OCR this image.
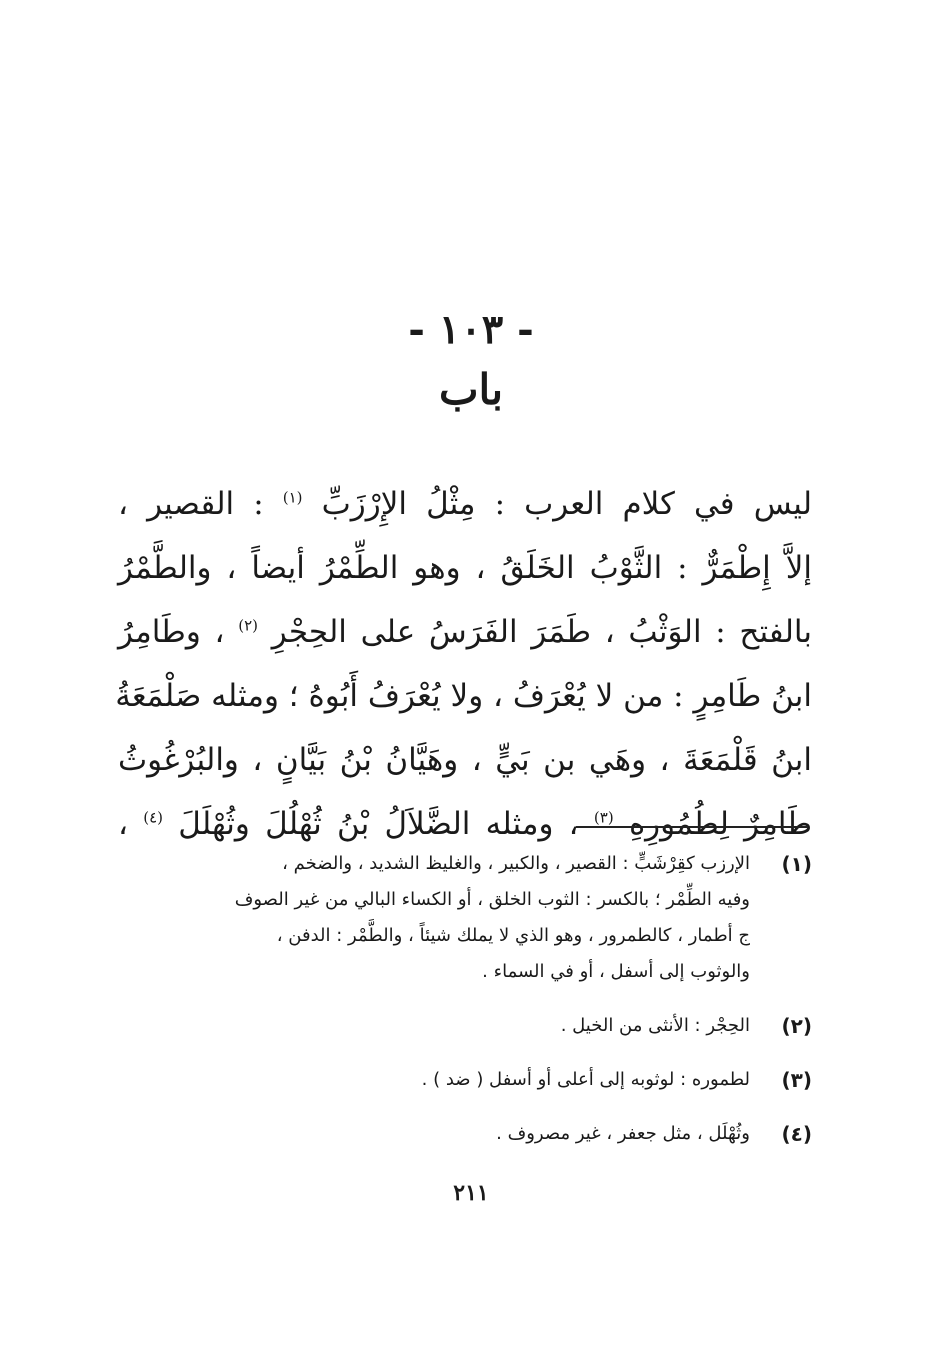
- ١٠٣ -
باب
ليس في كلام العرب : مِثْلُ الإِرْزَبِّ $^{(١)}$ : القصير ،
إلاَّ إِطْمَرٌّ : الثَّوْبُ الخَلَقُ ، وهو الطِّمْرُ أيضاً ، والطَّمْرُ
بالفتح : الوَثْبُ ، طَمَرَ الفَرَسُ على الحِجْرِ $^{(٢)}$ ، وطَامِرُ
ابنُ طَامِرٍ : من لا يُعْرَفُ ، ولا يُعْرَفُ أَبُوهُ ؛ ومثله صَلْمَعَةُ
ابنُ قَلْمَعَةَ ، وهَي بن بَيٍّ ، وهَيَّانُ بْنُ بَيَّانٍ ، والبُرْغُوثُ
طَامِرٌ لِطُمُورِهِ $^{(٣)}$ ، ومثله الضَّلاَلُ بْنُ ثُهْلُلَ وثُهْلَلَ $^{(٤)}$ ،
(١)
الإرزب كقِرْشَبٍّ : القصير ، والكبير ، والغليظ الشديد ، والضخم ،
وفيه الطِّمْر ؛ بالكسر : الثوب الخلق ، أو الكساء البالي من غير الصوف
ج أطمار ، كالطمرور ، وهو الذي لا يملك شيئاً ، والطَّمْر : الدفن ،
والوثوب إلى أسفل ، أو في السماء .
(٢)
الحِجْر : الأنثى من الخيل .
(٣)
لطموره : لوثوبه إلى أعلى أو أسفل ( ضد ) .
(٤)
وثُهْلَل ، مثل جعفر ، غير مصروف .
٢١١
